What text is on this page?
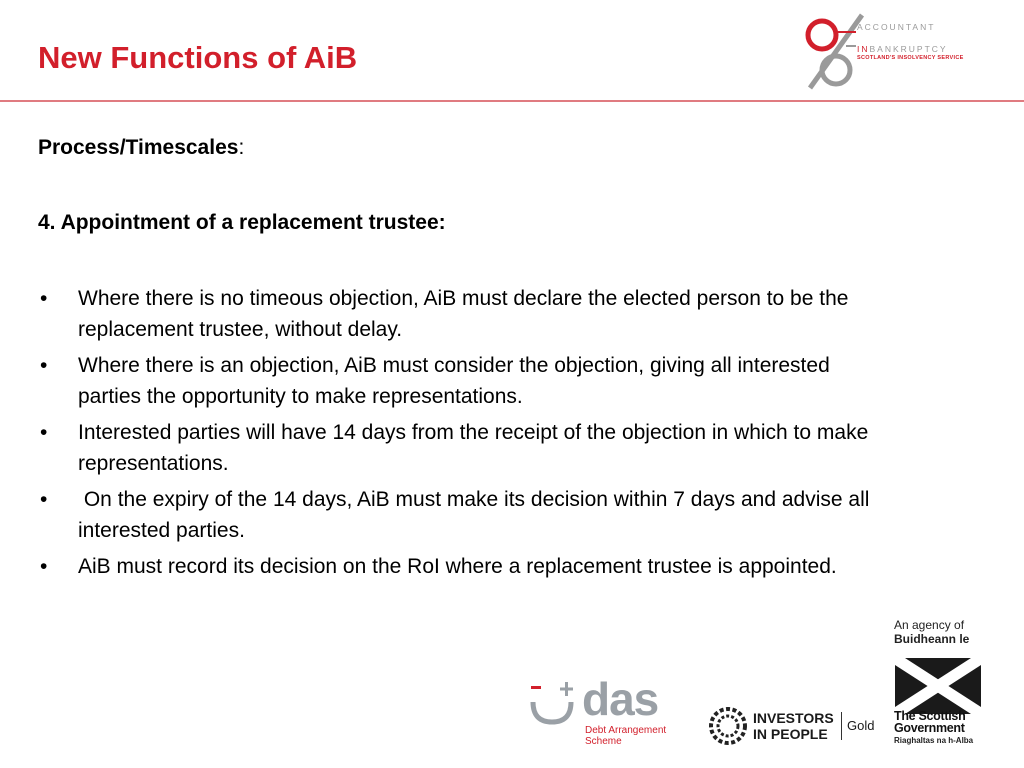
New Functions of AiB
ACCOUNTANT
INBANKRUPTCY
SCOTLAND'S INSOLVENCY SERVICE
Process/Timescales:
4. Appointment of a replacement trustee:
• Where there is no timeous objection, AiB must declare the elected person to be the replacement trustee, without delay.
• Where there is an objection, AiB must consider the objection, giving all interested parties the opportunity to make representations.
• Interested parties will have 14 days from the receipt of the objection in which to make representations.
• On the expiry of the 14 days, AiB must make its decision within 7 days and advise all interested parties.
• AiB must record its decision on the RoI where a replacement trustee is appointed.
das
Debt Arrangement
Scheme
INVESTORS
IN PEOPLE
Gold
An agency of
Buidheann le
The Scottish
Government
Riaghaltas na h-Alba
